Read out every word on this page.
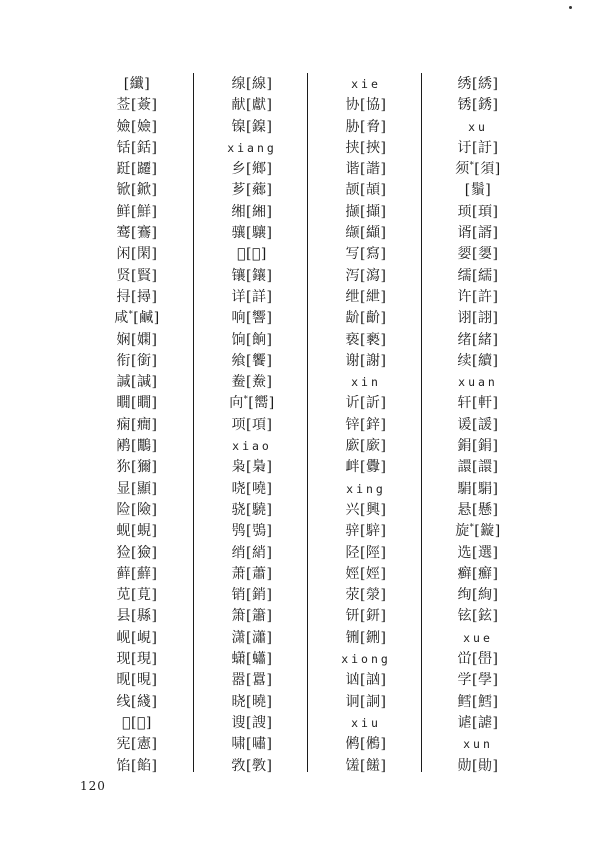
[纖]
莶[薟]
嬐[嬐]
铦[銛]
跹[躚]
锨[鍁]
鲜[鮮]
𬸣[鶱]
闲[閑]
贤[賢]
挦[撏]
咸*[鹹]
娴[嫻]
衔[銜]
諴[諴]
瞯[瞯]
痫[癇]
鹇[鷳]
狝[獮]
显[顯]
险[險]
蚬[蜆]
猃[獫]
藓[蘚]
苋[莧]
县[縣]
岘[峴]
现[現]
𬀪[晛]
线[綫]
𬑇[睍]
宪[憲]
馅[餡]
缐[線]
献[獻]
镍[鎳]
xiang
乡[鄉]
芗[薌]
缃[緗]
骧[驤]
𫄻[纕]
镶[鑲]
详[詳]
响[響]
饷[餉]
飨[饗]
鲞[鮝]
向*[嚮]
项[項]
xiao
枭[梟]
哓[嘵]
骁[驍]
鸮[鴞]
绡[綃]
萧[蕭]
销[銷]
箫[簫]
潇[瀟]
蟏[蠨]
嚣[囂]
晓[曉]
𫍲[謏]
啸[嘯]
敩[斆]
xie
协[協]
胁[脅]
挟[挾]
谐[諧]
颉[頡]
撷[擷]
缬[纈]
写[寫]
泻[瀉]
绁[紲]
𬹼[齘]
亵[褻]
谢[謝]
xin
䜣[訢]
锌[鋅]
廞[廞]
衅[釁]
xing
兴[興]
骍[騂]
陉[陘]
娙[娙]
荥[滎]
钘[鈃]
铏[鉶]
xiong
讻[訩]
诇[詗]
xiu
鸺[鵂]
馐[饈]
绣[綉]
锈[銹]
xu
𬣙[訏]
须*[須]
[鬚]
顼[頊]
谞[諝]
媭[嬃]
𦈡[繻]
许[許]
诩[詡]
绪[緒]
续[續]
xuan
轩[軒]
谖[諼]
鋗[鋗]
譞[譞]
駽[駽]
悬[懸]
旋*[鏇]
选[選]
癣[癬]
绚[絢]
铉[鉉]
xue
峃[嶨]
学[學]
鳕[鱈]
谑[謔]
xun
勋[勛]
120
